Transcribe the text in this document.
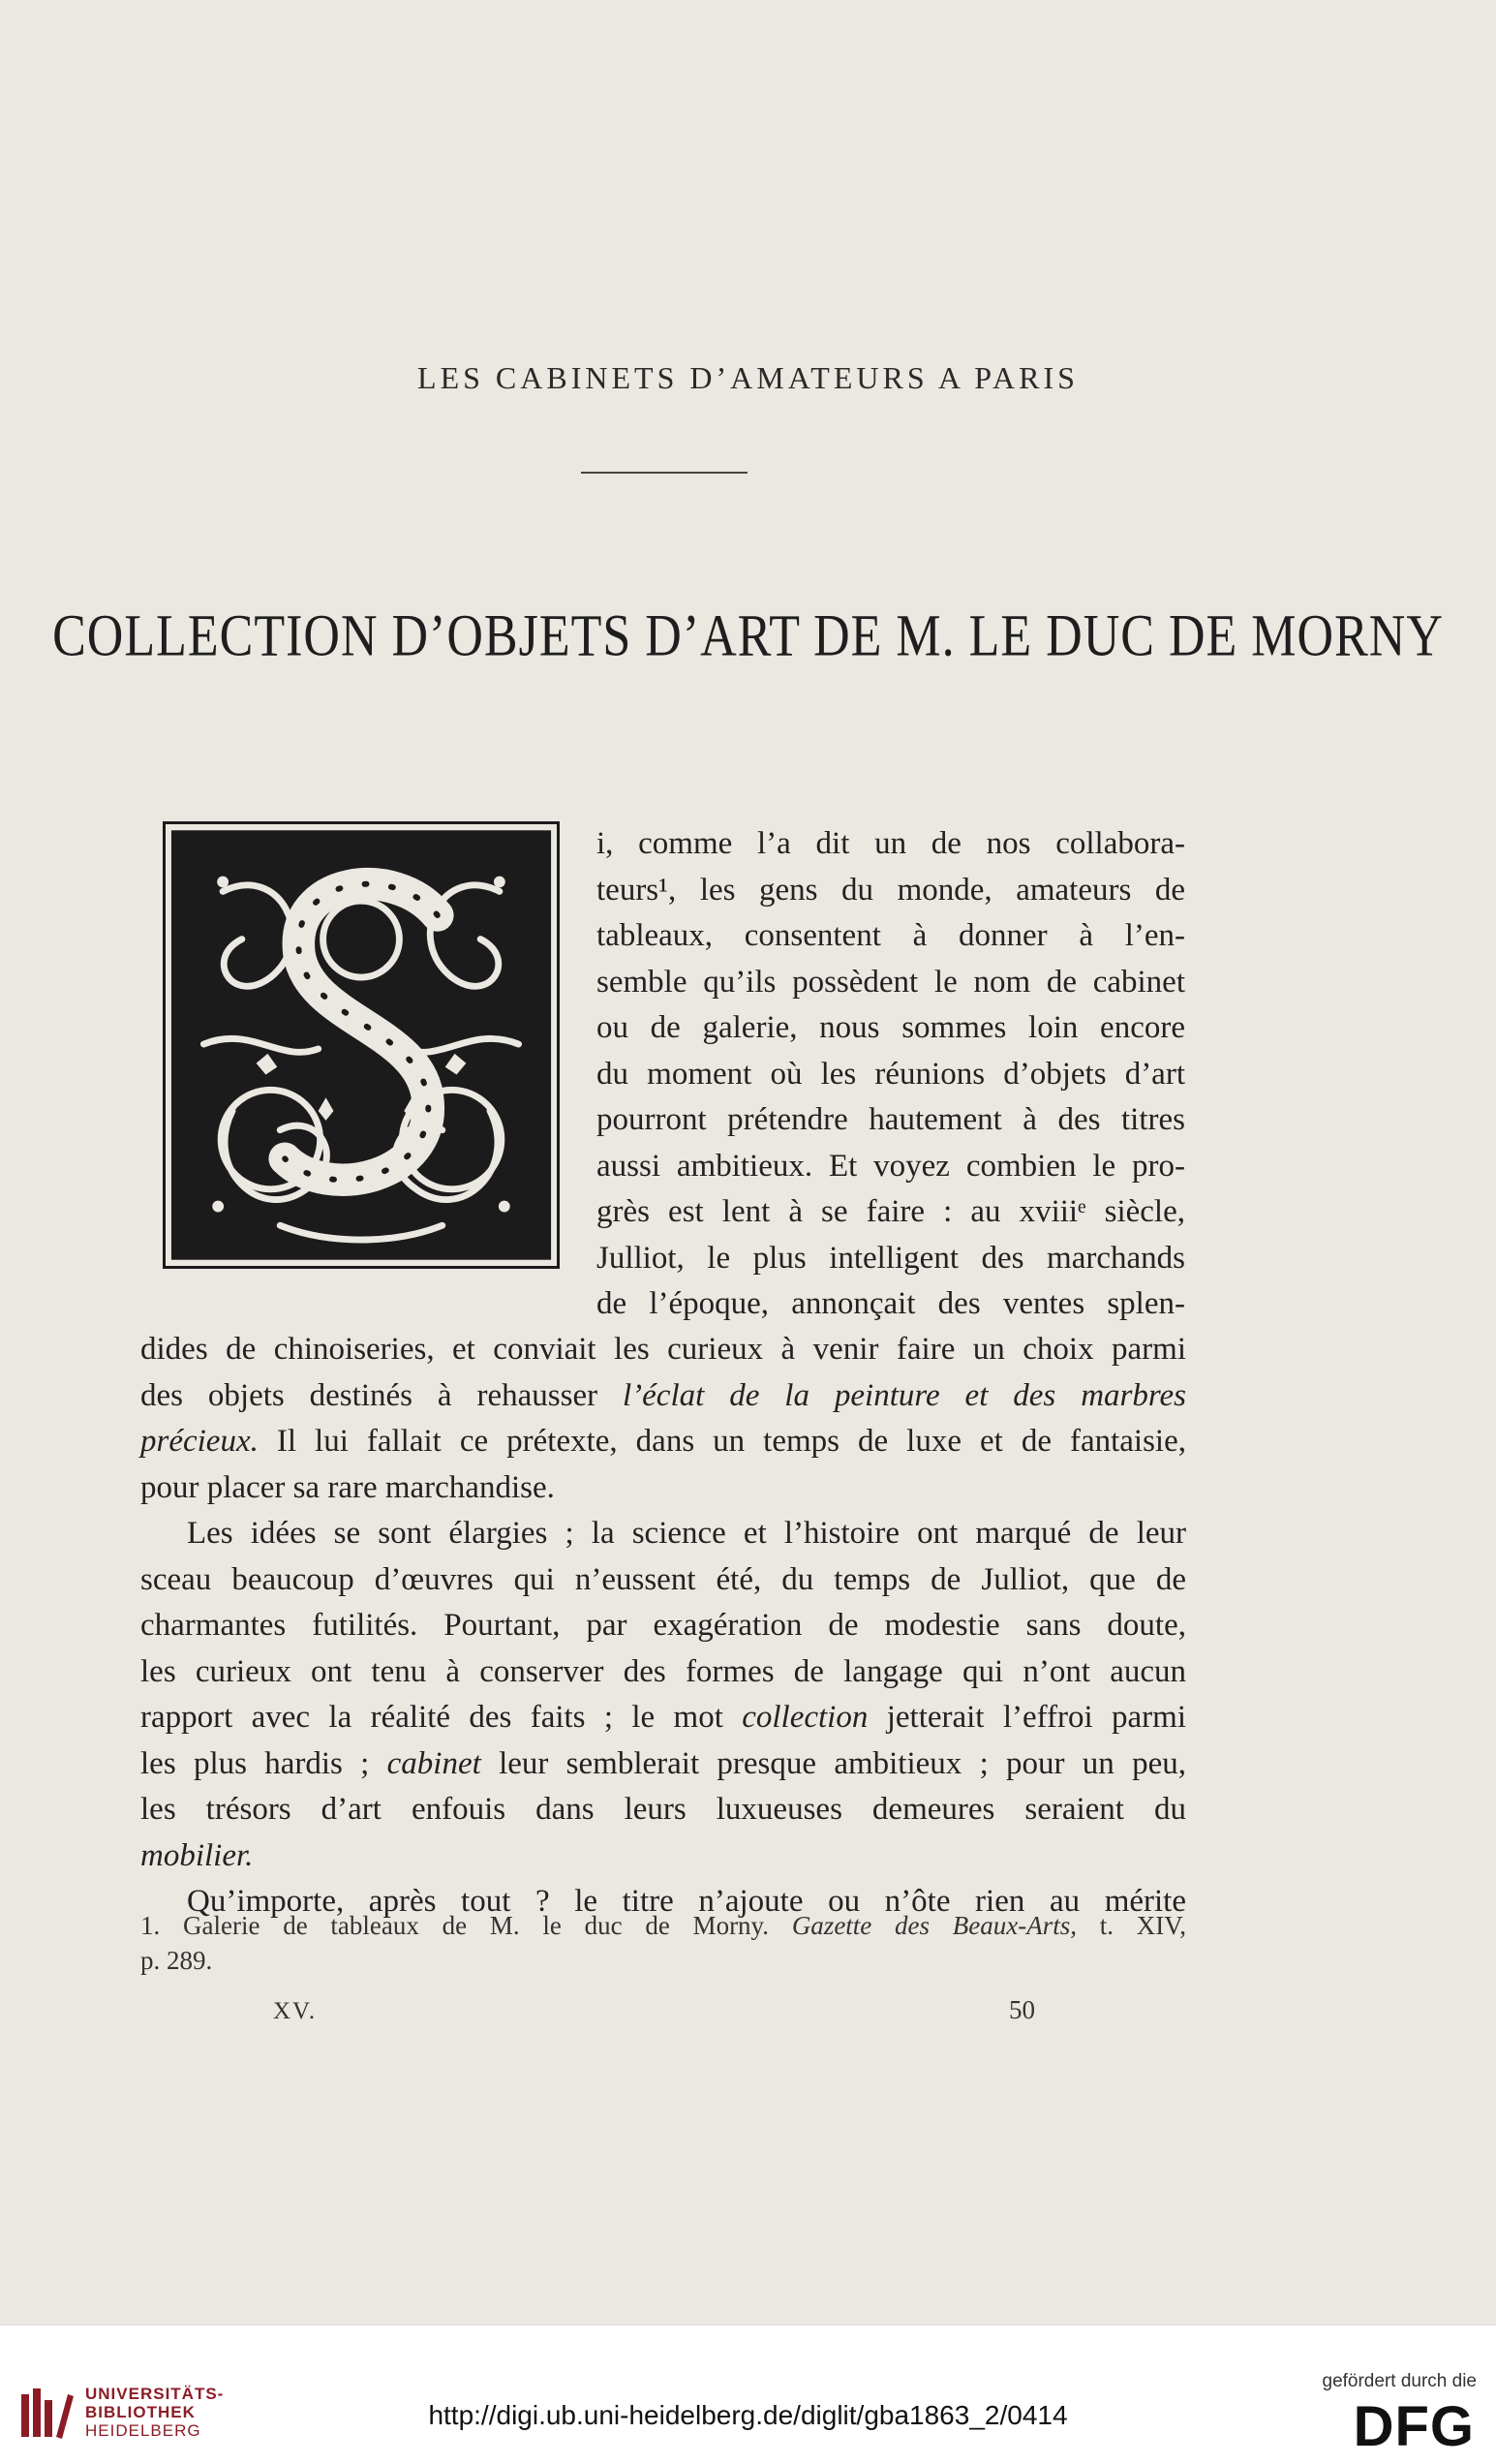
LES CABINETS D’AMATEURS A PARIS
COLLECTION D’OBJETS D’ART DE M. LE DUC DE MORNY
i, comme l’a dit un de nos collabora-
teurs¹, les gens du monde, amateurs de
tableaux, consentent à donner à l’en-
semble qu’ils possèdent le nom de cabinet
ou de galerie, nous sommes loin encore
du moment où les réunions d’objets d’art
pourront prétendre hautement à des titres
aussi ambitieux. Et voyez combien le pro-
grès est lent à se faire : au xviiiᵉ siècle,
Julliot, le plus intelligent des marchands
de l’époque, annonçait des ventes splen-
dides de chinoiseries, et conviait les curieux à venir faire un choix parmi
des objets destinés à rehausser l’éclat de la peinture et des marbres
précieux. Il lui fallait ce prétexte, dans un temps de luxe et de fantaisie,
pour placer sa rare marchandise.
Les idées se sont élargies ; la science et l’histoire ont marqué de leur
sceau beaucoup d’œuvres qui n’eussent été, du temps de Julliot, que de
charmantes futilités. Pourtant, par exagération de modestie sans doute,
les curieux ont tenu à conserver des formes de langage qui n’ont aucun
rapport avec la réalité des faits ; le mot collection jetterait l’effroi parmi
les plus hardis ; cabinet leur semblerait presque ambitieux ; pour un peu,
les trésors d’art enfouis dans leurs luxueuses demeures seraient du
mobilier.
Qu’importe, après tout ? le titre n’ajoute ou n’ôte rien au mérite
1. Galerie de tableaux de M. le duc de Morny. Gazette des Beaux-Arts, t. XIV,
p. 289.
XV.	50
UNIVERSITÄTS-
BIBLIOTHEK
HEIDELBERG
http://digi.ub.uni-heidelberg.de/diglit/gba1863_2/0414
gefördert durch die
DFG
